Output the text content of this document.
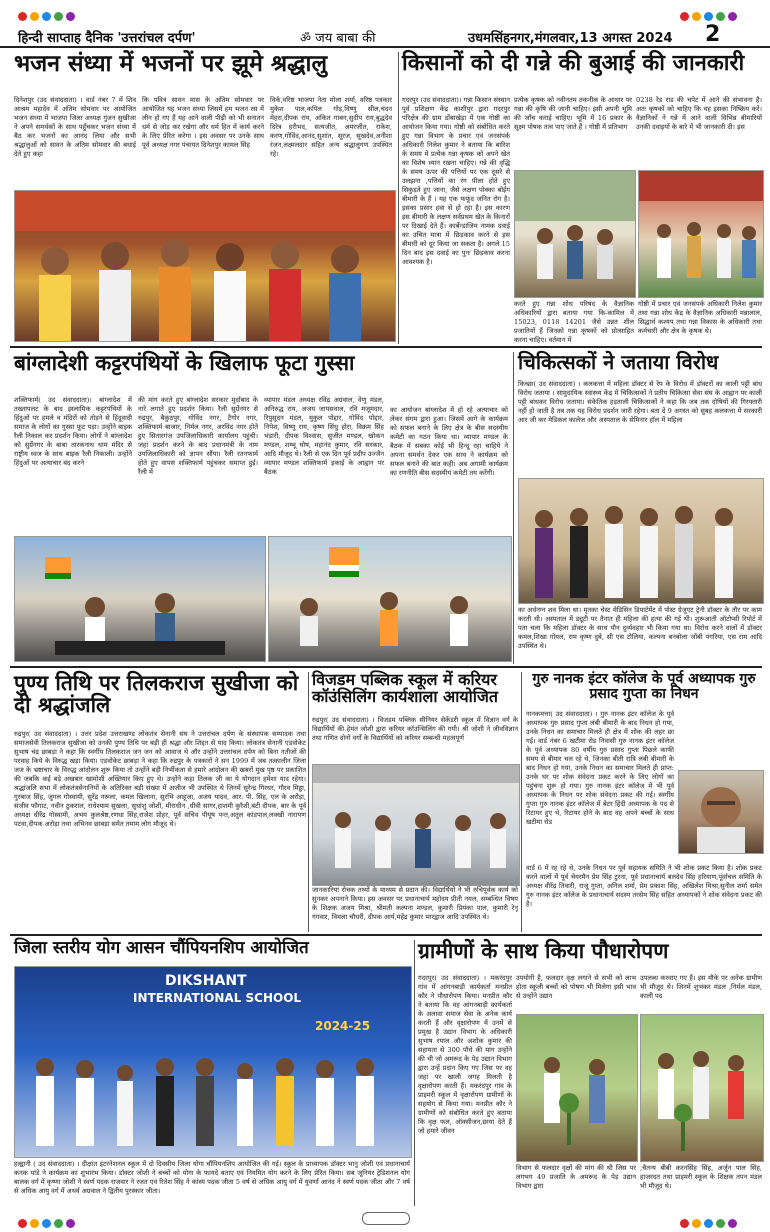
हिन्दी साप्ताह दैनिक 'उत्तरांचल दर्पण'	ॐ जय बाबा की	उधमसिंहनगर,मंगलवार,13 अगस्त 2024 2
भजन संध्या में भजनों पर झूमे श्रद्धालु
दिनेशपुर (उद संवाददाता) । वार्ड नंबर 7 में शिव आश्रम महादेव में अंतिम सोमवार पर आयोजित भजन संध्या में भाजपा जिला अध्यक्ष गुंजन सुखीजा ने अपने समर्थकों के साथ पहुँचकर भजन संध्या में बैठ कर भजनों का आनंद लिया और सभी श्रद्धालुओं को सावन के अंतिम सोमवार की बधाई देते हुए कहा
कि पवित्र सावन मास के अंतिम सोमवार पर आयोजित यह भजन संध्या जिसमें हम भजन रस में लीन हो गए हैं यह आने वाली पीढ़ी को भी सनातन धर्म से जोड़ कर रखेगा और धर्म हित में कार्य करने के लिए प्रेरित करेगा । इस अवसर पर उनके साथ पूर्व अध्यक्ष नगर पंचायत दिनेशपुर कामल सिंह
विर्क,वरिष्ठ भाजपा नेता मोला शर्मा, वरिष्ठ पत्रकार मुकेश पाल,कपिल गोड़,विष्णु सील,चंदन मेहरा,दीपक राय, अंकित गाबन,सुदीप राय,बुद्धदेव दिरेत्र हरीभद, सत्यजीत, अमरजीत, राकेश, करण,गोविंद,आनंद,सुशांत, सूरज, सुखदेव,अनीशा रंजन,लक्ष्मलदार सहित अन्य श्रद्धालुगण उपस्थित रहे।
किसानों को दी गन्ने की बुआई की जानकारी
गदरपुर (उद संवाददाता)। गन्ना किसान संस्थान पूर्व प्रशिक्षण केंद्र काशीपुर द्वारा गदरपुर परिक्षेत्र की ग्राम डोंबाखेड़ा में एक गोष्ठी का आयोजन किया गया। गोष्ठी को संबोधित करते हुए गन्ना विभाग के प्रचार एवं जनसंपर्क अधिकारी निलेश कुमार ने बताया कि बारिश के समय में प्रत्येक गन्ना कृषक को अपने खेत का विशेष ध्यान रखना चाहिए। गन्ने की वृद्धि के समय ऊपर की पत्तियों पर एक दूसरे से उलझना ,पत्तियों का रंग पीला होते हुए सिकुड़ते हुए जाना, जैसे लक्षण पोक्का बोईंग बीमारी के हैं । यह एक फफूंद जनित रोग है। इसका प्रसार हवा से हो रहा है। इस कारण इस बीमारी के लक्षण सर्वप्रथम खेत के किनारों पर दिखाई देते हैं। कार्बेन्डाजिम नामक दवाई का उचित मात्रा में छिड़काव करने से इस बीमारी को दूर किया जा सकता है। अगले 15 दिन बाद इस दवाई का पुनः छिड़काव करना आवश्यक है।
प्रत्येक कृषक को नवीनतम तकनीक के आधार पर गन्ना की कृषि की जानी चाहिए। इसी अपनी भूमि की जाँच कराई चाहिए। भूमि में 16 प्रकार के सूक्ष्म पोषक तत्व पाए जाते हैं । गोष्ठी में प्रतिभाग
0238 रेड राड की चपेट में आने की संभावना है। अतः कृषकों को चाहिए कि वह इसका निष्क्रिय करें। वैज्ञानिकों ने गन्ने में आने वाली विभिन्न बीमारियों उनकी दवाइयों के बारे में भी जानकारी दी। इस
करते हुए गन्ना शोध परिषद के वैज्ञानिक अधिकारियों द्वारा बताया गया कि-कामिल में 15023, 0118 14201 जैसे उन्नत शील प्रजातियों हैं जिनको गन्ना कृषकों को प्रोत्साहित करना चाहिए। वर्तमान में
गोष्ठी में प्रचार एवं जनसंपर्क अधिकारी निलेश कुमार तथा गन्ना शोध केंद्र के वैज्ञानिक अधिकारी मन्नालाल, सिद्धार्थ कश्यप तथा गन्ना विकास के अधिकारी तथा कर्मचारी और क्षेत्र के कृषक थे।
बांग्लादेशी कट्टरपंथियों के खिलाफ फूटा गुस्सा
शक्तिफार्म( उद संवाददाता)। बांग्लादेश में तख्तापलट के बाद इस्लामिक कट्टरपंथियों के हिंदुओं पर हमले व मंदिरों को तोड़ने से हिंदूवादी समाज के लोगों का गुस्सा फूट पड़ा। उन्होंने बाइक रैली निकाल कर प्रदर्शन किया। लोगों ने बांग्लादेश को सुर्ग्रेनगर के बाबा तारकनाथ धाम मंदिर से राष्ट्रीय ध्वज के साथ बाइक रैली निकाली। उन्होंने हिंदुओं पर अत्याचार बंद करने
की मांग करते हुए बांग्लादेश सरकार मुर्दाबाद के नारे लगाते हुए प्रदर्शन किया। रैली सुर्ग्रेनगर से रुद्रपुर, बैकुंठपुर, गोविंद नगर, टैगोर नगर, शक्तिफार्म बाजार, निर्मल नगर, अरविंद नगर होते हुए सितारगंज उपजिलाधिकारी कार्यालय पहुंची। जहां प्रदर्शन करने के बाद प्रधानमंत्री के नाम उपजिलाधिकारी को ज्ञापन सौंपा। रैली रतनफार्म होते हुए वापस शक्तिफार्म पहुंचकर समाप्त हुई। रैली में
व्यापार मंडल अध्यक्ष रविंद्र अग्रवाल, वेणु मंडल, अनिरुद्ध राय, अजय जायसवाल, रवि मजूमदार, रिपुसूदन मंडल, मुकुल पोद्दार, गोविंद पोद्दार, निपेश, विष्णु राय, कृष्ण सिंधु होरा, विक्रम सिंह भंडारी, दीपक विश्वास, सुजीत मण्डल, खोकन मण्डल, शम्भू घोष, महानंद कुमार, रवि सरकार, आदि मौजूद थे। रैली से एक दिन पूर्व प्रदीप उज्जैन व्यापार मण्डल शक्तिफार्म इकाई के आह्वान पर बैठक
का आयोजन बांग्लादेश में हो रहे अत्याचार को लेकर संगम द्वारा हुआ। जिसमें आगे के कार्यक्रम को सफल बनाने के लिए क्षेत्र के बीस सदस्यीय कमेटी का गठन किया था। व्यापार मण्डल के बैठक में सबका कोई भी हिन्दू रहा चाहिये ने अपना समर्थन देकर एक साथ ने कार्यक्रम को सफल बनाने की बात कही। अब अगामी कार्यक्रम का रणनीति बीस सदस्यीय कमेटी तय करेंगी।
चिकित्सकों ने जताया विरोध
किच्छा( उद संवाददाता) । कलकत्ता में महिला डॉक्टर से रेप के विरोध में डॉक्टरों का काली पट्टी बांध विरोध जताया । सामुदायिक स्वास्थ्य केंद्र में चिकित्सकों ने प्रतीय चिकित्सा सेवा संघ के आह्वान पर काली पट्टी बांधकर विरोध जताया। संकेतिक हड़ताली चिकित्सकों ने कहा कि जब तक दोषियों की गिरफ्तारी नहीं हो जाती है तब तक यह विरोध प्रदर्शन जारी रहेगा। बता दें 9 अगस्त को सुबह कलकत्ता में सरकारी आर जी कर मेडिकल कालेज और अस्पताल के सेमिनार हॉल में महिला
का अर्धनग्न शव मिला था। मृतका चेस्ट मेडिसिन डिपार्टमेंट में पोस्ट ग्रेजुएट ट्रेनी डॉक्टर के तौर पर काम करती थी। अस्पताल में ड्यूटी पर तैनात ही महिला की हत्या की गई थी। शुरूआती ऑटोप्सी रिपोर्ट में पता चला कि महिला डॉक्टर के साथ यौन दुर्व्यवहार भी किया गया था। विरोध करने वालों में डॉक्टर कमल,शिखा गोयल, राम कृष्ण दुबे, सी एस टोलिया, कल्पना बनबोला जोंबी पंगरिया, एस राम आदि उपस्थित थे।
पुण्य तिथि पर तिलकराज सुखीजा को दी श्रद्धांजलि
रुद्रपुर( उद संवाददाता) । उत्तर प्रदेश उत्तराखण्ड लोकतंत्र सेनानी संघ ने उत्तरांचल दर्पण के संस्थापक सम्पादक तथा समाजसेवी तिलकराज सुखीजा को उनकी पुण्य तिथि पर बड़ी ही श्रद्धा और शिद्दत से याद किया। लोकतंत्र सेनानी एडवोकेट सुभाष चंद्र छाबड़ा ने कहा कि स्वर्गीय तिलकराज जन जन को आवाज थे और उन्होंने उत्तरांचल दर्पण को बिना नतीजों की परवाह किये के विरुद्ध खड़ा किया। एडवोकेट छाबड़ा ने कहा कि रुद्रपुर के पत्रकारों ने सन 1999 में जब तत्कालीन जिला जज के भ्रष्टाचार के विरुद्ध आंदोलन शुरू किया तो उन्होंने बड़ी निर्भीकता से हमारे आंदोलन की खबरों मुख पृष्ठ पर प्रकाशित की जबकि कई बड़े अखबार खामोशी अख्तियार किए हुए थे। उन्होंने कहा तिलक जी का ये योगदान हमेशा याद रहेगा। श्रद्धांजलि सभा में लोकतंत्रसेनानियों के अतिरिक्त बड़ी संख्या में अजीज भी उपस्थित थे जिनमें सुरेन्द्र गिरधर, गौरव मिड्डा, गुरबाज सिंह, जुगल गोस्वामी, सुरेंद्र नरूला, कमल खिलाना, सुरभि आहूजा, अजय यादव, आर. पी. सिंह, एल के अरोड़ा, संजीव फौगाट, नवीन ठुकराल, राधेश्याम सुखला, सुधांशु जोशी, मीराधीन ,धीवी सागर,हाशमी कुरैशी,बंटी दीपक, बार के पूर्व अध्यक्ष धीरेंद्र गोस्वामी, अभय कुलश्रेष्ठ,रणधा सिंह,राजेश प्रोहर, पूर्व सचिव पीयूष पन्त,अतुल कांडपाल,लक्खी नारायण पटवा,दीपक अरोड़ा तथा अभिनव छाबड़ा समेत तमाम लोग मौजूद थे।
विजडम पब्लिक स्कूल में करियर कॉउंसिलिंग कार्यशाला आयोजित
रुद्रपुर( उद संवाददाता) । विजडम पब्लिक सीनियर सेकेंडरी स्कूल में विज्ञान वर्ग के विद्यार्थियों की हेमंत जोशी द्वारा करियर कॉउन्सिलिंग की गयी। श्री जोशी ने जीवविज्ञान तथा गणित दोनों वर्गों के विद्यार्थियों को करियर सम्बन्धी महत्वपूर्ण
जानकारियां रोचक तथ्यों के माध्यम से प्रदान की। विद्यार्थियों ने भी रुचिपूर्वक कार्य को सुनकर अपनाने किया। इस अवसर पर प्रधानाचार्य महोदय प्रीती नयल, सम्बन्धित विषय के शिक्षक अजय मिश्रा, श्रीमती कल्पना मण्डल, कुमारी प्रियंका पाल, कुमारी रेनू गंगवार, विमला चौधरी, दीपक आर्य,महेंद्र कुमार भारद्वाज आदि उपस्थित थे।
गुरु नानक इंटर कॉलेज के पूर्व अध्यापक गुरु प्रसाद गुप्ता का निधन
नानकमत्ता( उद संवाददाता) । गुरु नानक इंटर कॉलेज के पूर्व अध्यापक गुरु प्रसाद गुप्ता लंबी बीमारी के बाद निधन हो गया, उनके निधन का समाचार मिलते ही क्षेत्र में शोक की लहर छा गई। वार्ड नंबर 6 खटीमा रोड निवासी गुरु नानक इंटर कॉलेज के पूर्व अध्यापक 80 वर्षीय गुरु प्रसाद गुप्ता पिछले काफी समय से बीमार चल रहे थे, जिनका बीती रात्रि लंबी बीमारी के बाद निधन हो गया, उनके निधन का समाचार मिलते ही प्राप्त: उनके घर पर शोक संवेदना प्रकट करने के लिए लोगों का पहुंचना शुरू हो गया। गुरु नानक इंटर कॉलेज में भी पूर्व अध्यापक के निधन पर शोक संवेदना प्रकट की गई। स्वर्गीय गुप्ता गुरु नानक इंटर कॉलेज में बेटर हिंदी अध्यापक के पद से रिटायर हुए थे, रिटायर होने के बाद वह अपने बच्चों के साथ खटीमा रोड
वार्ड 6 में रह रहे थे, उनके निधन पर पूर्व सहायक समिति ने भी शोक प्रकट किया है। शोक प्रकट करने वालों में पूर्व चेयरमैन प्रेम सिंह टुरना, पूर्व प्रधानाचार्य बलदेव सिंह हरियाण,पूर्वाचल समिति के अध्यक्ष वीरेंद्र तिवारी, राजू गुप्ता, अनिल शर्मा, प्रेम प्रकाश सिंह, अखिलेश मिश्रा,सुनील शर्मा समेत गुरु नानक इंटर कॉलेज के प्रधानाचार्य सदस्य तरसेम सिंह सहित अध्यापकों ने शोक संवेदना प्रकट की है।
जिला स्तरीय योग आसन चौंपियनशिप आयोजित
DIKSHANT
INTERNATIONAL SCHOOL
2024-25
हल्द्वानी ( उद संवाददाता) । दीक्षांत इंटरनेशनल स्कूल में दो दिवसीय जिला योगा चौंपियनशिप आयोजित की गई। स्कूल के प्राध्यापक डॉक्टर भानु जोशी एवं प्रधानाचार्य कनक पांडे ने कार्यक्रम का शुभारंभ किया। डॉक्टर जोशी ने बच्चों को योगा के फायदे बताए एवं नियमित योग करने के लिए प्रेरित किया। सब जूनियर ट्रेडिशनल योग बालक वर्ग में कृष्णा जोशी ने स्वर्ण पदक राजवार ने रजत एवं रितेश सिंह ने कांस्य पदक जीता 5 वर्ष से अधिक आयु वर्ग में युवर्णा आनंद ने स्वर्ण पदक जीता और 7 वर्ष से अधिक आयु वर्ग में अथर्व अग्रवाल ने द्वितीय पुरस्कार जीता।
ग्रामीणों के साथ किया पौधारोपण
गदरपुर( उद संवाददाता) । मकरंदपुर गांव में आंगनबाड़ी कार्यकर्ता मनप्रीत कौर ने पौधारोपण किया। मनप्रीत कौर ने बताया कि वह आंगनबाड़ी कार्यकर्ता के अलावा समाज सेवा के अनेक कार्य करती हैं और वृक्षारोपण में उनमें से प्रमुख है उद्यान विभाग के अधिकारी सुभाष रयाल और अशोक कुमार की सहायता से 300 पौधे की मांग उन्होंने की थी जो अमरूद के पेड़ उद्यान विभाग द्वारा उन्हें प्रदान किए गए जिस पर वह जहां पर खाली जगह मिलती है वृक्षारोपण करती हैं। मकरंदपुर गांव के प्राइमरी स्कूल में वृक्षारोपण ग्रामीणों के सहयोग से किया गया। मनप्रीत कौर ने ग्रामीणों को संबोधित करते हुए बताया कि वृक्ष फल, ऑक्सीजन,छाया देते हैं जो हमारे जीवन
उपयोगी है, फलदार वृक्ष लगाने से सभी को लाभ होता स्कूली बच्चों को पोषण भी मिलेगा इसी भाव से उन्होंने उद्यान
उपलब्ध करवाए गए हैं। इस मौके पर अनेक ग्रामीण भी मौजूद थे। जिनमें शुभंकर मंडल ,निर्मल मंडल, काली पद
विभाग से फलदार वृक्षों की मांग की थी जिस पर लगभग 49 प्रजाति के अमरूद के पेड़ उद्यान विभाग द्वारा
,चैतन्य बीबी करनसिंह सिंह, अर्जुन पाल सिंह, हाजरदत तथा प्राइमरी स्कूल के शिक्षक तपन मंडल भी मौजूद थे।
